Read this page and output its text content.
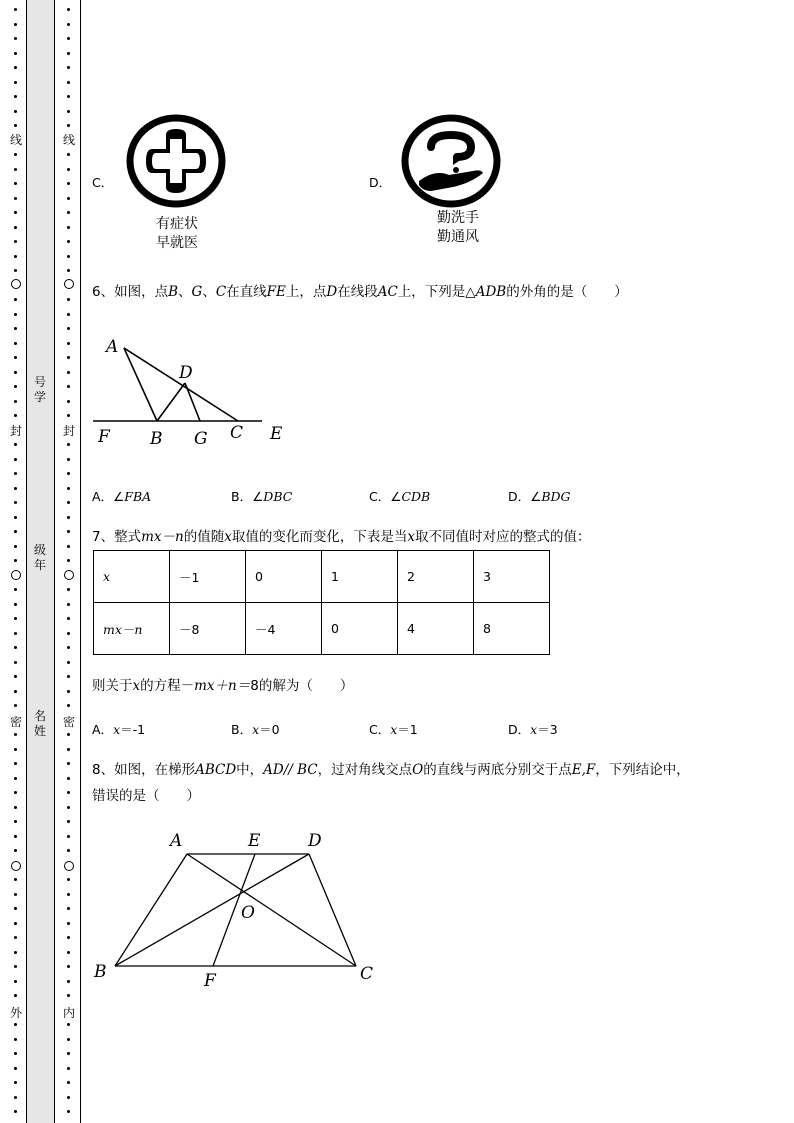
线
封
密
外
线
封
密
内
号学
级年
名姓
C．
有症状
早就医
D．
勤洗手
勤通风
6、如图，点B、G、C在直线FE上，点D在线段AC上，下列是△ADB的外角的是（　　）
A
D
F B G C E
A．∠FBA	B．∠DBC	C．∠CDB	D．∠BDG
7、整式mx－n的值随x取值的变化而变化，下表是当x取不同值时对应的整式的值：
x	－1	0	1	2	3
mx－n	－8	－4	0	4	8
则关于x的方程－mx＋n＝8的解为（　　）
A．x＝-1	B．x＝0	C．x＝1	D．x＝3
8、如图，在梯形ABCD中，AD// BC，过对角线交点O的直线与两底分别交于点E,F，下列结论中，
错误的是（　　）
A	E	D
O
B	F	C
